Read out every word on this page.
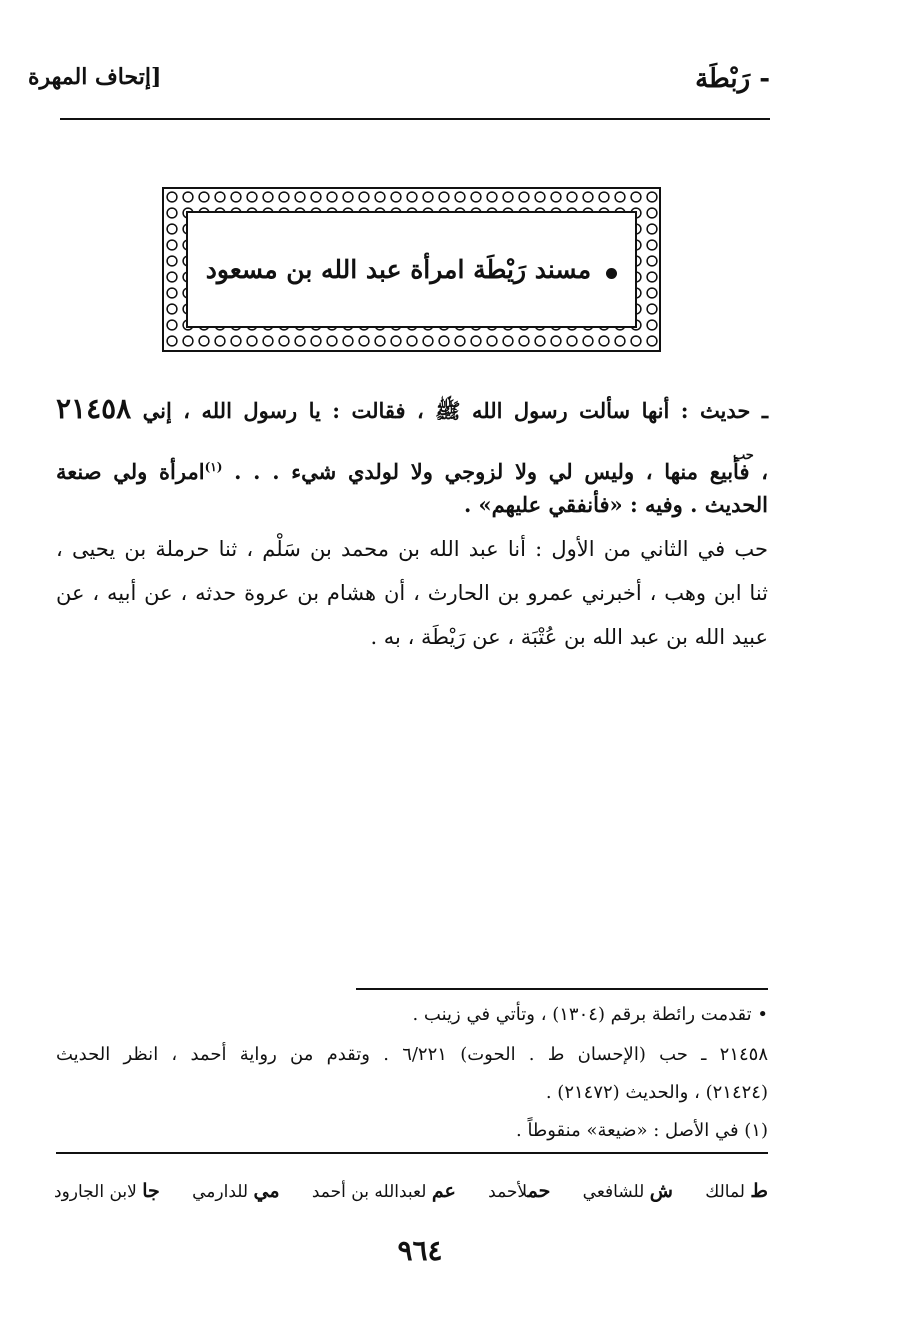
- رَبْطَة
[إتحاف المهرة
مسند رَيْطَة امرأة عبد الله بن مسعود
٢١٤٥٨ ـ حديث : أنها سألت رسول الله ﷺ ، فقالت : يا رسول الله ، إني
حب
امرأة ولي صنعة$^{(١)}$ ، فأبيع منها ، وليس لي ولا لزوجي ولا لولدي شيء . . .
الحديث . وفيه : «فأنفقي عليهم» .
حب في الثاني من الأول : أنا عبد الله بن محمد بن سَلْم ، ثنا حرملة بن يحيى ،
ثنا ابن وهب ، أخبرني عمرو بن الحارث ، أن هشام بن عروة حدثه ، عن أبيه ، عن
عبيد الله بن عبد الله بن عُتْبَة ، عن رَيْطَة ، به .
• تقدمت رائطة برقم (١٣٠٤) ، وتأتي في زينب .
٢١٤٥٨ ـ حب (الإحسان ط . الحوت) ٦/٢٢١ . وتقدم من رواية أحمد ، انظر الحديث
(٢١٤٢٤) ، والحديث (٢١٤٧٢) .
(١) في الأصل : «ضيعة» منقوطاً .
ط لمالك
ش للشافعي
حملأحمد
عم لعبدالله بن أحمد
مي للدارمي
جا لابن الجارود
٩٦٤
